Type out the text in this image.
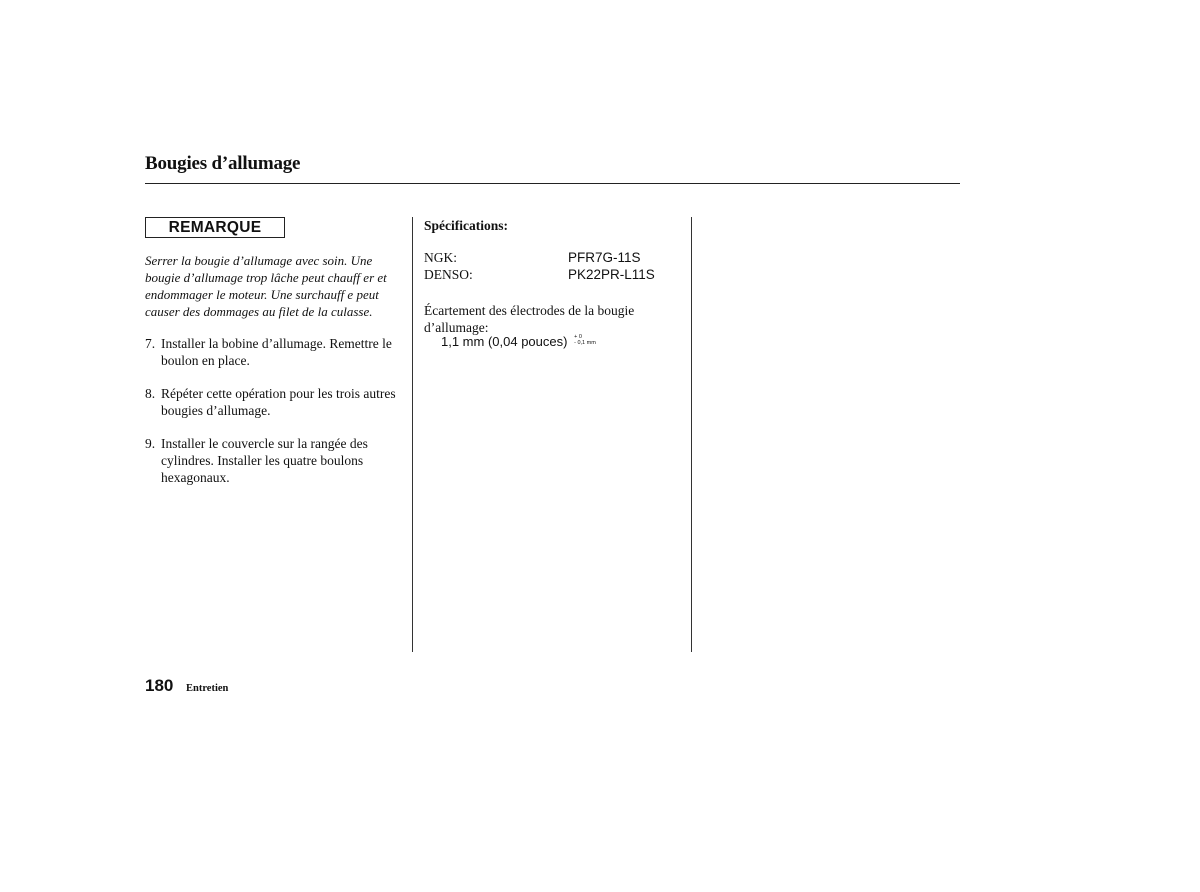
Bougies d’allumage
REMARQUE
Serrer la bougie d’allumage avec soin. Une bougie d’allumage trop lâche peut chauff er et endommager le moteur. Une surchauff e peut causer des dommages au filet de la culasse.
7. Installer la bobine d’allumage. Remettre le boulon en place.
8. Répéter cette opération pour les trois autres bougies d’allumage.
9. Installer le couvercle sur la rangée des cylindres. Installer les quatre boulons hexagonaux.
Spécifications:
NGK:	PFR7G-11S
DENSO:	PK22PR-L11S
Écartement des électrodes de la bougie d’allumage:
1,1 mm (0,04 pouces) + 0
- 0,1 mm
180 Entretien
